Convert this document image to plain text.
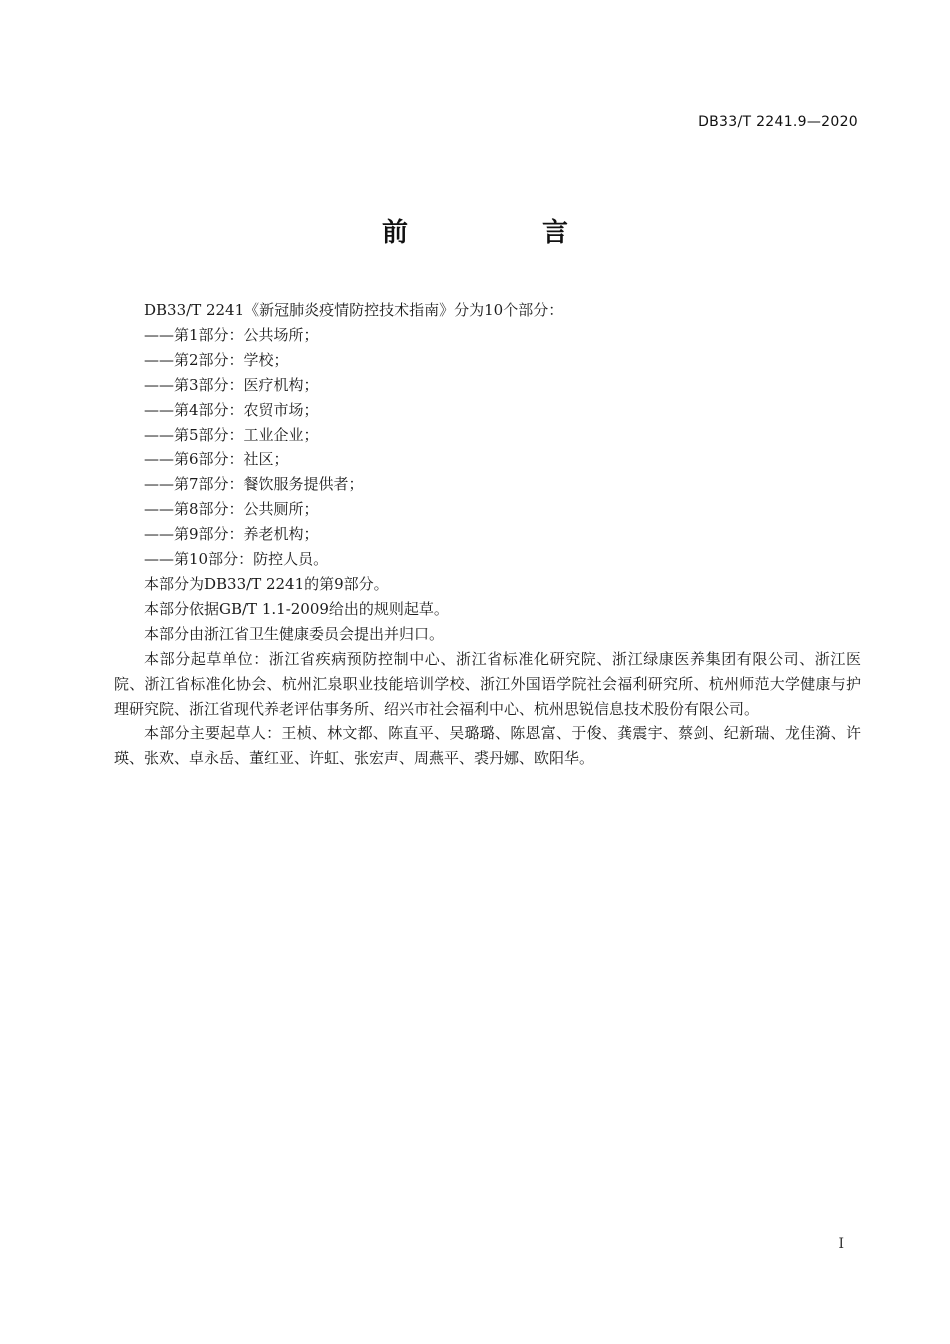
DB33/T 2241.9—2020
前　言

DB33/T 2241《新冠肺炎疫情防控技术指南》分为10个部分：

——第1部分：公共场所；

——第2部分：学校；

——第3部分：医疗机构；

——第4部分：农贸市场；

——第5部分：工业企业；

——第6部分：社区；

——第7部分：餐饮服务提供者；

——第8部分：公共厕所；

——第9部分：养老机构；

——第10部分：防控人员。

本部分为DB33/T 2241的第9部分。

本部分依据GB/T 1.1-2009给出的规则起草。

本部分由浙江省卫生健康委员会提出并归口。

本部分起草单位：浙江省疾病预防控制中心、浙江省标准化研究院、浙江绿康医养集团有限公司、浙江医院、浙江省标准化协会、杭州汇泉职业技能培训学校、浙江外国语学院社会福利研究所、杭州师范大学健康与护理研究院、浙江省现代养老评估事务所、绍兴市社会福利中心、杭州思锐信息技术股份有限公司。

本部分主要起草人：王桢、林文都、陈直平、吴璐璐、陈恩富、于俊、龚震宇、蔡剑、纪新瑞、龙佳漪、许瑛、张欢、卓永岳、董红亚、许虹、张宏声、周燕平、裘丹娜、欧阳华。

I
